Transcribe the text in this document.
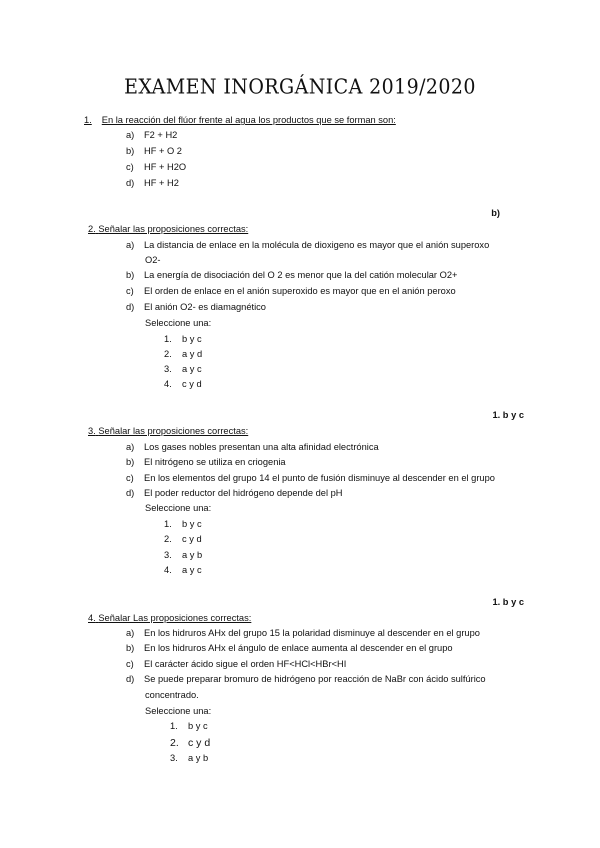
EXAMEN INORGÁNICA 2019/2020
1. En la reacción del flúor frente al agua los productos que se forman son:
a) F2 + H2
b) HF + O 2
c) HF + H2O
d) HF + H2
b)
2. Señalar las proposiciones correctas:
a) La distancia de enlace en la molécula de dioxigeno es mayor que el anión superoxo
O2-
b) La energía de disociación del O 2 es menor que la del catión molecular O2+
c) El orden de enlace en el anión superoxido es mayor que en el anión peroxo
d) El anión O2- es diamagnético
Seleccione una:
1. b y c
2. a y d
3. a y c
4. c y d
1. b y c
3. Señalar las proposiciones correctas:
a) Los gases nobles presentan una alta afinidad electrónica
b) El nitrógeno se utiliza en criogenia
c) En los elementos del grupo 14 el punto de fusión disminuye al descender en el grupo
d) El poder reductor del hidrógeno depende del pH
Seleccione una:
1. b y c
2. c y d
3. a y b
4. a y c
1. b y c
4. Señalar Las proposiciones correctas:
a) En los hidruros AHx del grupo 15 la polaridad disminuye al descender en el grupo
b) En los hidruros AHx el ángulo de enlace aumenta al descender en el grupo
c) El carácter ácido sigue el orden HF<HCl<HBr<HI
d) Se puede preparar bromuro de hidrógeno por reacción de NaBr con ácido sulfúrico
concentrado.
Seleccione una:
1. b y c
2. c y d
3. a y b
